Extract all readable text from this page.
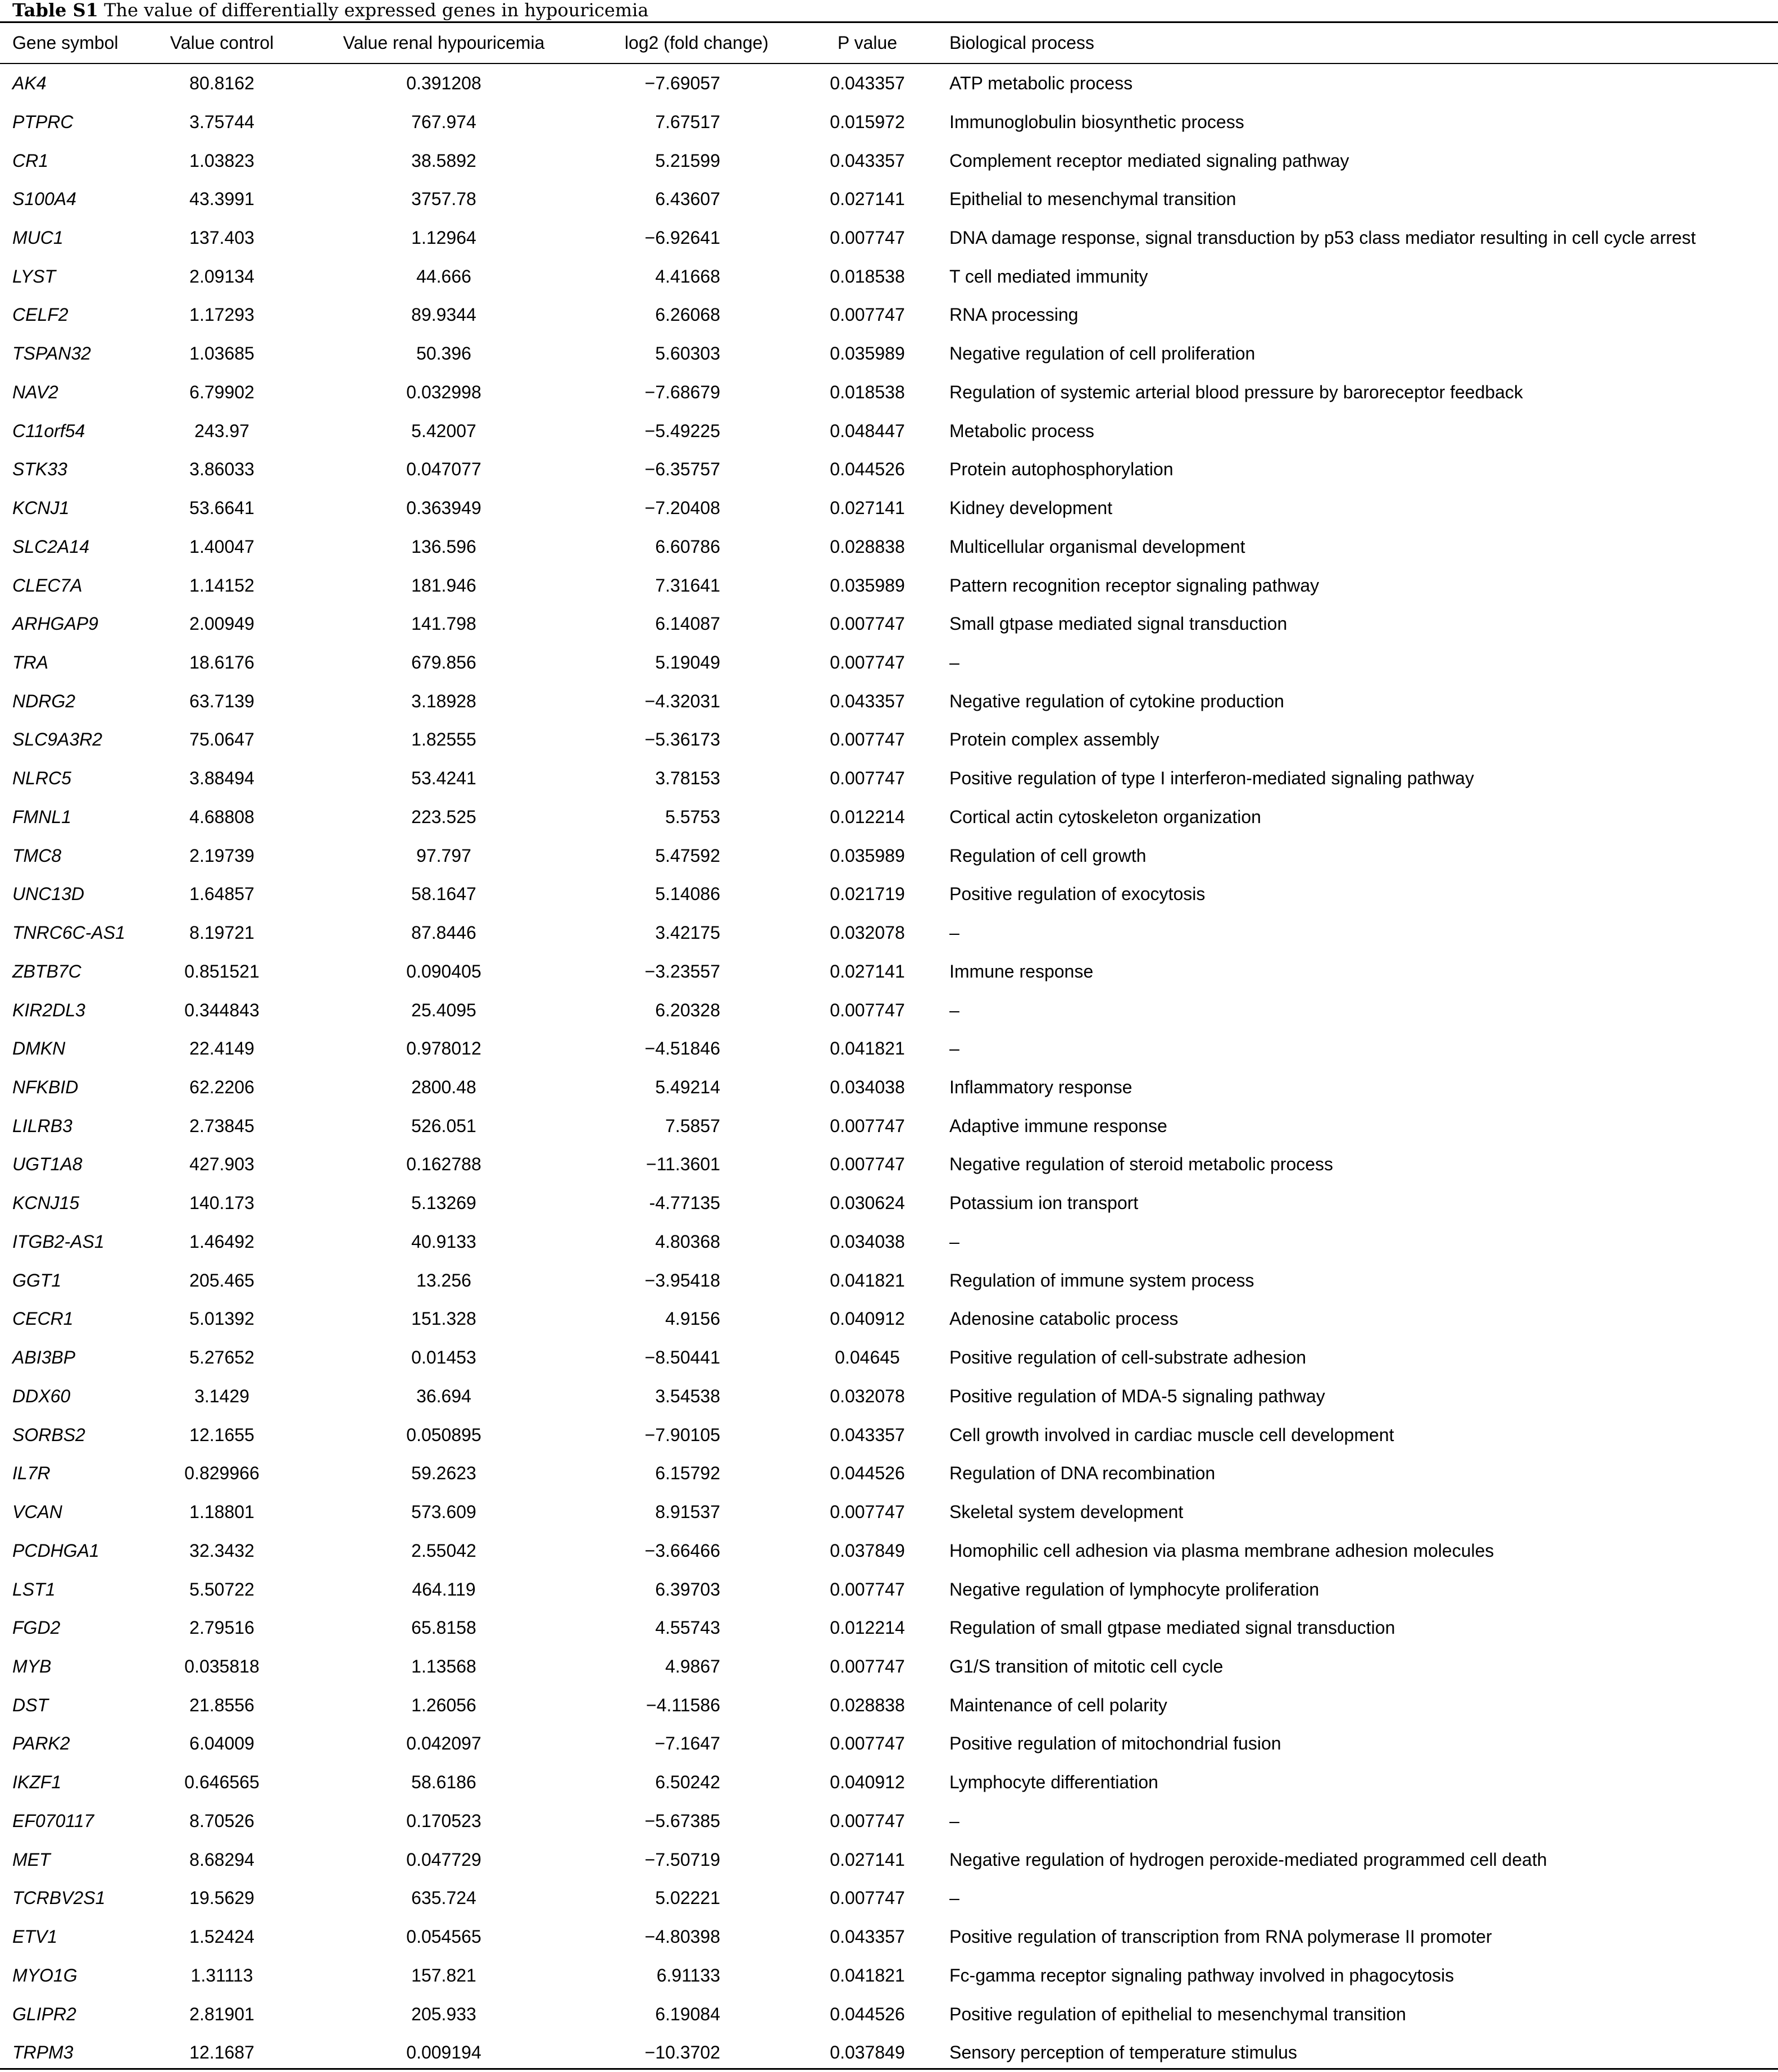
Table S1 The value of differentially expressed genes in hypouricemia
Gene symbol	Value control	Value renal hypouricemia	log2 (fold change)	P value	Biological process
AK4	80.8162	0.391208	−7.69057	0.043357	ATP metabolic process
PTPRC	3.75744	767.974	7.67517	0.015972	Immunoglobulin biosynthetic process
CR1	1.03823	38.5892	5.21599	0.043357	Complement receptor mediated signaling pathway
S100A4	43.3991	3757.78	6.43607	0.027141	Epithelial to mesenchymal transition
MUC1	137.403	1.12964	−6.92641	0.007747	DNA damage response, signal transduction by p53 class mediator resulting in cell cycle arrest
LYST	2.09134	44.666	4.41668	0.018538	T cell mediated immunity
CELF2	1.17293	89.9344	6.26068	0.007747	RNA processing
TSPAN32	1.03685	50.396	5.60303	0.035989	Negative regulation of cell proliferation
NAV2	6.79902	0.032998	−7.68679	0.018538	Regulation of systemic arterial blood pressure by baroreceptor feedback
C11orf54	243.97	5.42007	−5.49225	0.048447	Metabolic process
STK33	3.86033	0.047077	−6.35757	0.044526	Protein autophosphorylation
KCNJ1	53.6641	0.363949	−7.20408	0.027141	Kidney development
SLC2A14	1.40047	136.596	6.60786	0.028838	Multicellular organismal development
CLEC7A	1.14152	181.946	7.31641	0.035989	Pattern recognition receptor signaling pathway
ARHGAP9	2.00949	141.798	6.14087	0.007747	Small gtpase mediated signal transduction
TRA	18.6176	679.856	5.19049	0.007747	–
NDRG2	63.7139	3.18928	−4.32031	0.043357	Negative regulation of cytokine production
SLC9A3R2	75.0647	1.82555	−5.36173	0.007747	Protein complex assembly
NLRC5	3.88494	53.4241	3.78153	0.007747	Positive regulation of type I interferon-mediated signaling pathway
FMNL1	4.68808	223.525	5.5753	0.012214	Cortical actin cytoskeleton organization
TMC8	2.19739	97.797	5.47592	0.035989	Regulation of cell growth
UNC13D	1.64857	58.1647	5.14086	0.021719	Positive regulation of exocytosis
TNRC6C-AS1	8.19721	87.8446	3.42175	0.032078	–
ZBTB7C	0.851521	0.090405	−3.23557	0.027141	Immune response
KIR2DL3	0.344843	25.4095	6.20328	0.007747	–
DMKN	22.4149	0.978012	−4.51846	0.041821	–
NFKBID	62.2206	2800.48	5.49214	0.034038	Inflammatory response
LILRB3	2.73845	526.051	7.5857	0.007747	Adaptive immune response
UGT1A8	427.903	0.162788	−11.3601	0.007747	Negative regulation of steroid metabolic process
KCNJ15	140.173	5.13269	-4.77135	0.030624	Potassium ion transport
ITGB2-AS1	1.46492	40.9133	4.80368	0.034038	–
GGT1	205.465	13.256	−3.95418	0.041821	Regulation of immune system process
CECR1	5.01392	151.328	4.9156	0.040912	Adenosine catabolic process
ABI3BP	5.27652	0.01453	−8.50441	0.04645	Positive regulation of cell-substrate adhesion
DDX60	3.1429	36.694	3.54538	0.032078	Positive regulation of MDA-5 signaling pathway
SORBS2	12.1655	0.050895	−7.90105	0.043357	Cell growth involved in cardiac muscle cell development
IL7R	0.829966	59.2623	6.15792	0.044526	Regulation of DNA recombination
VCAN	1.18801	573.609	8.91537	0.007747	Skeletal system development
PCDHGA1	32.3432	2.55042	−3.66466	0.037849	Homophilic cell adhesion via plasma membrane adhesion molecules
LST1	5.50722	464.119	6.39703	0.007747	Negative regulation of lymphocyte proliferation
FGD2	2.79516	65.8158	4.55743	0.012214	Regulation of small gtpase mediated signal transduction
MYB	0.035818	1.13568	4.9867	0.007747	G1/S transition of mitotic cell cycle
DST	21.8556	1.26056	−4.11586	0.028838	Maintenance of cell polarity
PARK2	6.04009	0.042097	−7.1647	0.007747	Positive regulation of mitochondrial fusion
IKZF1	0.646565	58.6186	6.50242	0.040912	Lymphocyte differentiation
EF070117	8.70526	0.170523	−5.67385	0.007747	–
MET	8.68294	0.047729	−7.50719	0.027141	Negative regulation of hydrogen peroxide-mediated programmed cell death
TCRBV2S1	19.5629	635.724	5.02221	0.007747	–
ETV1	1.52424	0.054565	−4.80398	0.043357	Positive regulation of transcription from RNA polymerase II promoter
MYO1G	1.31113	157.821	6.91133	0.041821	Fc-gamma receptor signaling pathway involved in phagocytosis
GLIPR2	2.81901	205.933	6.19084	0.044526	Positive regulation of epithelial to mesenchymal transition
TRPM3	12.1687	0.009194	−10.3702	0.037849	Sensory perception of temperature stimulus
